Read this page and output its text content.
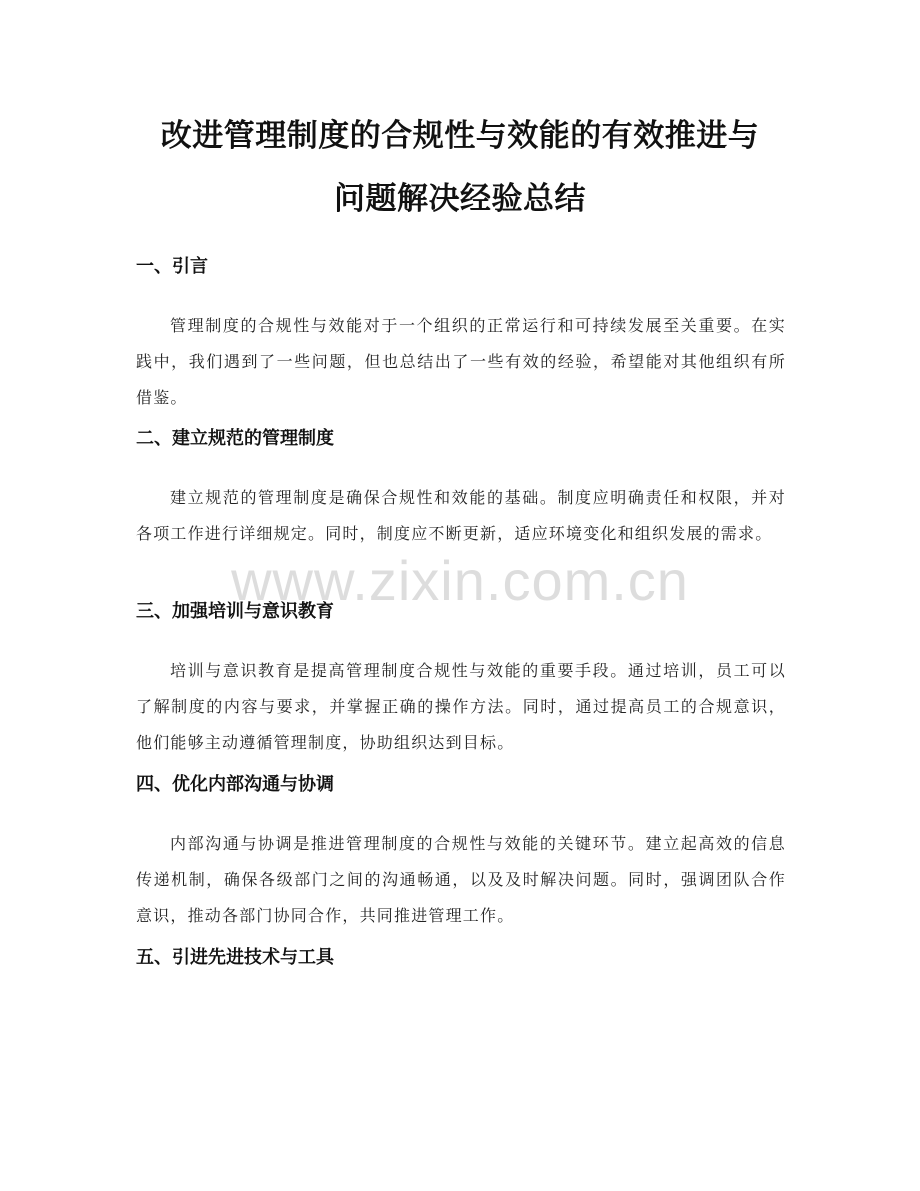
改进管理制度的合规性与效能的有效推进与
问题解决经验总结
一、引言
管理制度的合规性与效能对于一个组织的正常运行和可持续发展至关重要。在实践中，我们遇到了一些问题，但也总结出了一些有效的经验，希望能对其他组织有所借鉴。
二、建立规范的管理制度
建立规范的管理制度是确保合规性和效能的基础。制度应明确责任和权限，并对各项工作进行详细规定。同时，制度应不断更新，适应环境变化和组织发展的需求。
三、加强培训与意识教育
培训与意识教育是提高管理制度合规性与效能的重要手段。通过培训，员工可以了解制度的内容与要求，并掌握正确的操作方法。同时，通过提高员工的合规意识，他们能够主动遵循管理制度，协助组织达到目标。
四、优化内部沟通与协调
内部沟通与协调是推进管理制度的合规性与效能的关键环节。建立起高效的信息传递机制，确保各级部门之间的沟通畅通，以及及时解决问题。同时，强调团队合作意识，推动各部门协同合作，共同推进管理工作。
五、引进先进技术与工具
www.zixin.com.cn
